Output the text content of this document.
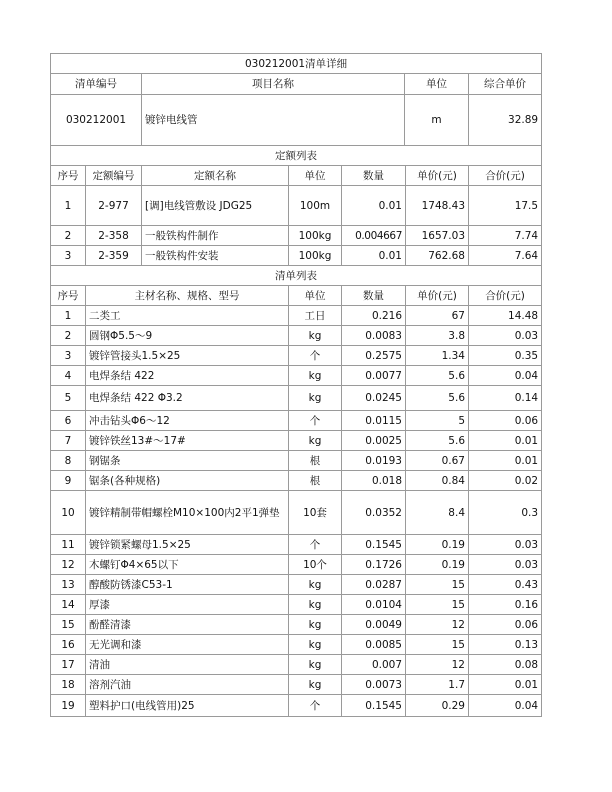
030212001清单详细						
清单编号		项目名称 单位				综合单价
030212001		镀锌电线管 m				32.89
定额列表						
序号	定额编号	定额名称	单位	数量	单价(元)	合价(元)
1	2-977	[调]电线管敷设 JDG25	100m	0.01	1748.43	17.5
2	2-358	一般铁构件制作	100kg	0.004667	1657.03	7.74
3	2-359	一般铁构件安装	100kg	0.01	762.68	7.64
清单列表						
序号	主材名称、规格、型号		单位	数量	单价(元)	合价(元)
1	二类工		工日	0.216	67	14.48
2	圆钢Φ5.5～9		kg	0.0083	3.8	0.03
3	镀锌管接头1.5×25		个	0.2575	1.34	0.35
4	电焊条结 422		kg	0.0077	5.6	0.04
5	电焊条结 422 Φ3.2		kg	0.0245	5.6	0.14
6	冲击钻头Φ6～12		个	0.0115	5	0.06
7	镀锌铁丝13#～17#		kg	0.0025	5.6	0.01
8	钢锯条		根	0.0193	0.67	0.01
9	锯条(各种规格)		根	0.018	0.84	0.02
10	镀锌精制带帽螺栓M10×100内2平1弹垫		10套	0.0352	8.4	0.3
11	镀锌锁紧螺母1.5×25		个	0.1545	0.19	0.03
12	木螺钉Φ4×65以下		10个	0.1726	0.19	0.03
13	醇酸防锈漆C53-1		kg	0.0287	15	0.43
14	厚漆		kg	0.0104	15	0.16
15	酚醛清漆		kg	0.0049	12	0.06
16	无光调和漆		kg	0.0085	15	0.13
17	清油		kg	0.007	12	0.08
18	溶剂汽油		kg	0.0073	1.7	0.01
19	塑料护口(电线管用)25		个	0.1545	0.29	0.04
